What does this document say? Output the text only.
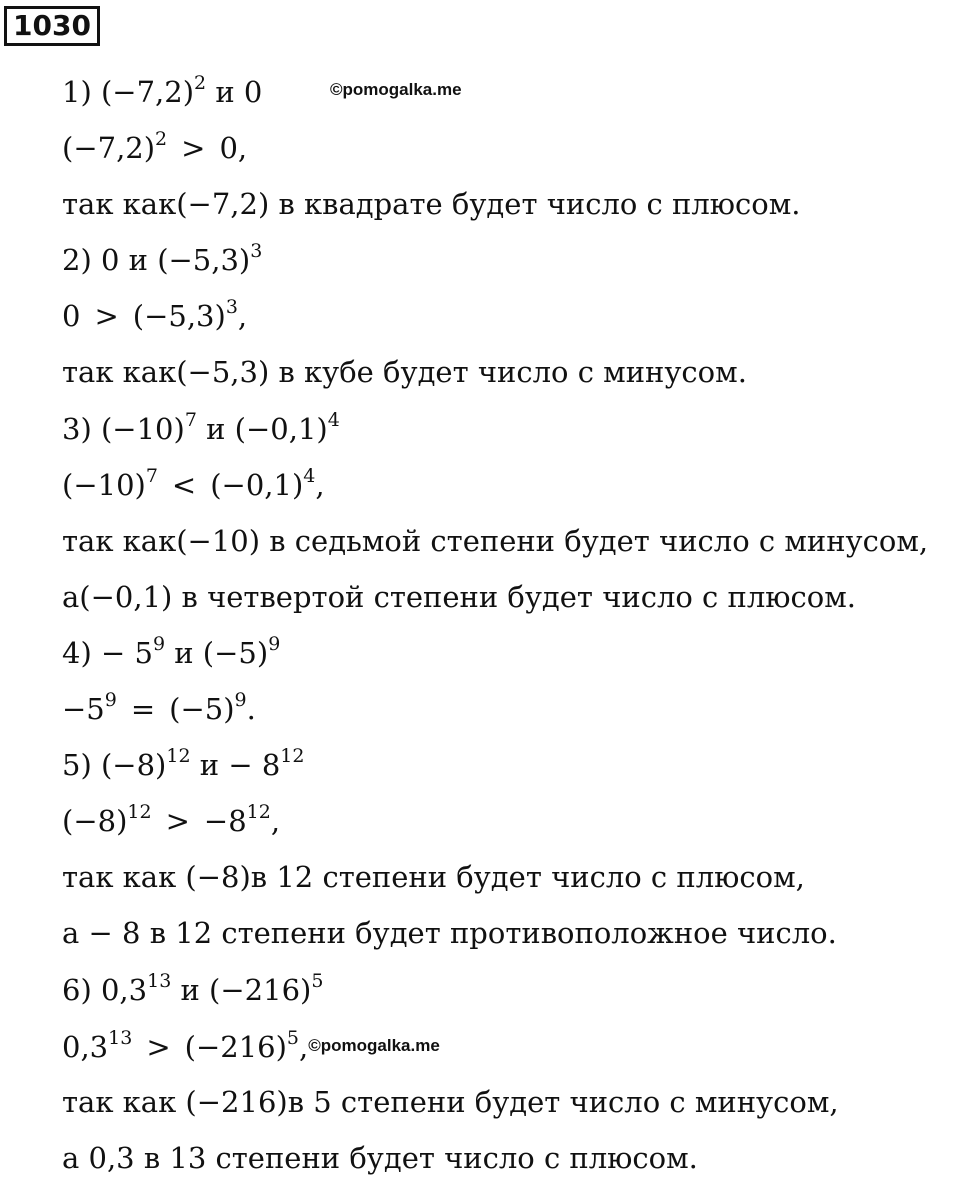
1030
©pomogalka.me
1) $(-7,2)^2$ и 0
$(-7,2)^2 > 0$,
так как(−7,2) в квадрате будет число с плюсом.
2) 0 и $(-5,3)^3$
$0 > (-5,3)^3$,
так как(−5,3) в кубе будет число с минусом.
3) $(-10)^7$ и $(-0,1)^4$
$(-10)^7 < (-0,1)^4$,
так как(−10) в седьмой степени будет число с минусом,
а(−0,1) в четвертой степени будет число с плюсом.
$4) - 5^9$ и $(-5)^9$
$-5^9 = (-5)^9$.
5) $(-8)^{12}$ $и - 8^{12}$
$(-8)^{12} > -8^{12}$,
так как (−8)в 12 степени будет число с плюсом,
а − 8 в 12 степени будет противоположное число.
6) $0,3^{13}$ и $(-216)^5$
$0,3^{13}$ > $(-216)^5,©pomogalka.me$
так как (−216)в 5 степени будет число с минусом,
а 0,3 в 13 степени будет число с плюсом.
